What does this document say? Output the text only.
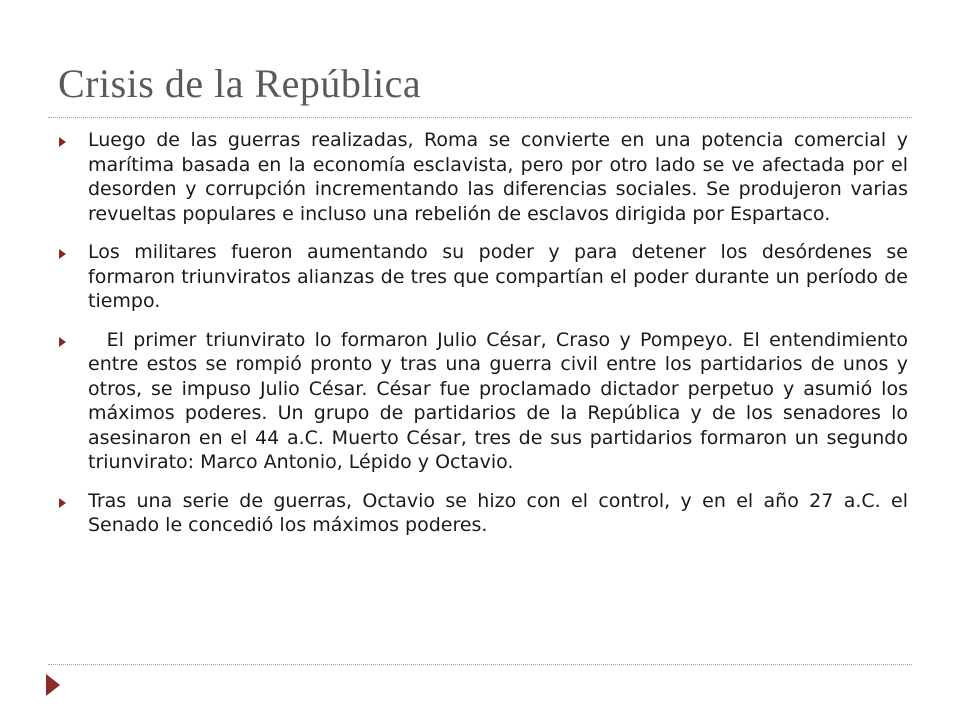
Crisis de la República

Luego de las guerras realizadas, Roma se convierte en una potencia comercial y marítima basada en la economía esclavista, pero por otro lado se ve afectada por el desorden y corrupción incrementando las diferencias sociales. Se produjeron varias revueltas populares e incluso una rebelión de esclavos dirigida por Espartaco.

Los militares fueron aumentando su poder y para detener los desórdenes se formaron triunviratos alianzas de tres que compartían el poder durante un período de tiempo.

El primer triunvirato lo formaron Julio César, Craso y Pompeyo. El entendimiento entre estos se rompió pronto y tras una guerra civil entre los partidarios de unos y otros, se impuso Julio César. César fue proclamado dictador perpetuo y asumió los máximos poderes. Un grupo de partidarios de la República y de los senadores lo asesinaron en el 44 a.C. Muerto César, tres de sus partidarios formaron un segundo triunvirato: Marco Antonio, Lépido y Octavio.

Tras una serie de guerras, Octavio se hizo con el control, y en el año 27 a.C. el Senado le concedió los máximos poderes.
